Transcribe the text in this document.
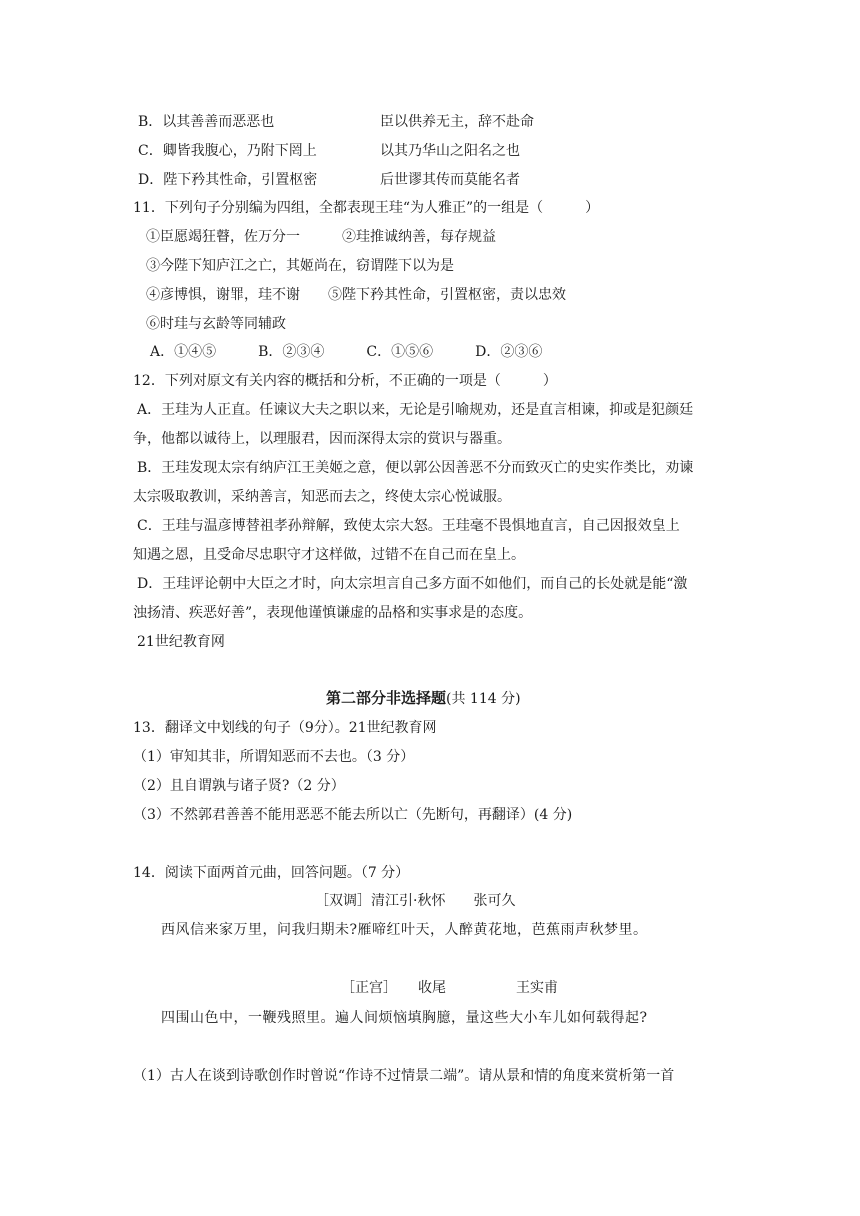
B．以其善善而恶恶也	臣以供养无主，辞不赴命
C．卿皆我腹心，乃附下罔上	以其乃华山之阳名之也
D．陛下矜其性命，引置枢密	后世谬其传而莫能名者
11．下列句子分别编为四组，全都表现王珪“为人雅正”的一组是（　　　）
①臣愿竭狂瞽，佐万分一　　　②珪推诚纳善，每存规益
③今陛下知庐江之亡，其姬尚在，窃谓陛下以为是
④彦博惧，谢罪，珪不谢　　⑤陛下矜其性命，引置枢密，责以忠效
⑥时珪与玄龄等同辅政
A．①④⑤　　　B．②③④　　　C．①⑤⑥　　　D．②③⑥
12．下列对原文有关内容的概括和分析，不正确的一项是（　　　）
A．王珪为人正直。任谏议大夫之职以来，无论是引喻规劝，还是直言相谏，抑或是犯颜廷
争，他都以诚待上，以理服君，因而深得太宗的赏识与器重。
B．王珪发现太宗有纳庐江王美姬之意，便以郭公因善恶不分而致灭亡的史实作类比，劝谏
太宗吸取教训，采纳善言，知恶而去之，终使太宗心悦诚服。
C．王珪与温彦博替祖孝孙辩解，致使太宗大怒。王珪毫不畏惧地直言，自己因报效皇上
知遇之恩，且受命尽忠职守才这样做，过错不在自己而在皇上。
D．王珪评论朝中大臣之才时，向太宗坦言自己多方面不如他们，而自己的长处就是能“激
浊扬清、疾恶好善”，表现他谨慎谦虚的品格和实事求是的态度。
21世纪教育网
第二部分非选择题(共 114 分)
13．翻译文中划线的句子（9分）。21世纪教育网
（1）审知其非，所谓知恶而不去也。（3 分）
（2）且自谓孰与诸子贤?（2 分）
（3）不然郭君善善不能用恶恶不能去所以亡（先断句，再翻译）(4 分)
14．阅读下面两首元曲，回答问题。（7 分）
［双调］清江引·秋怀　　张可久
西风信来家万里，问我归期未?雁啼红叶天，人醉黄花地，芭蕉雨声秋梦里。
［正宫］　　收尾　　　　　王实甫
四围山色中，一鞭残照里。遍人间烦恼填胸臆，量这些大小车儿如何载得起?
（1）古人在谈到诗歌创作时曾说“作诗不过情景二端”。请从景和情的角度来赏析第一首
